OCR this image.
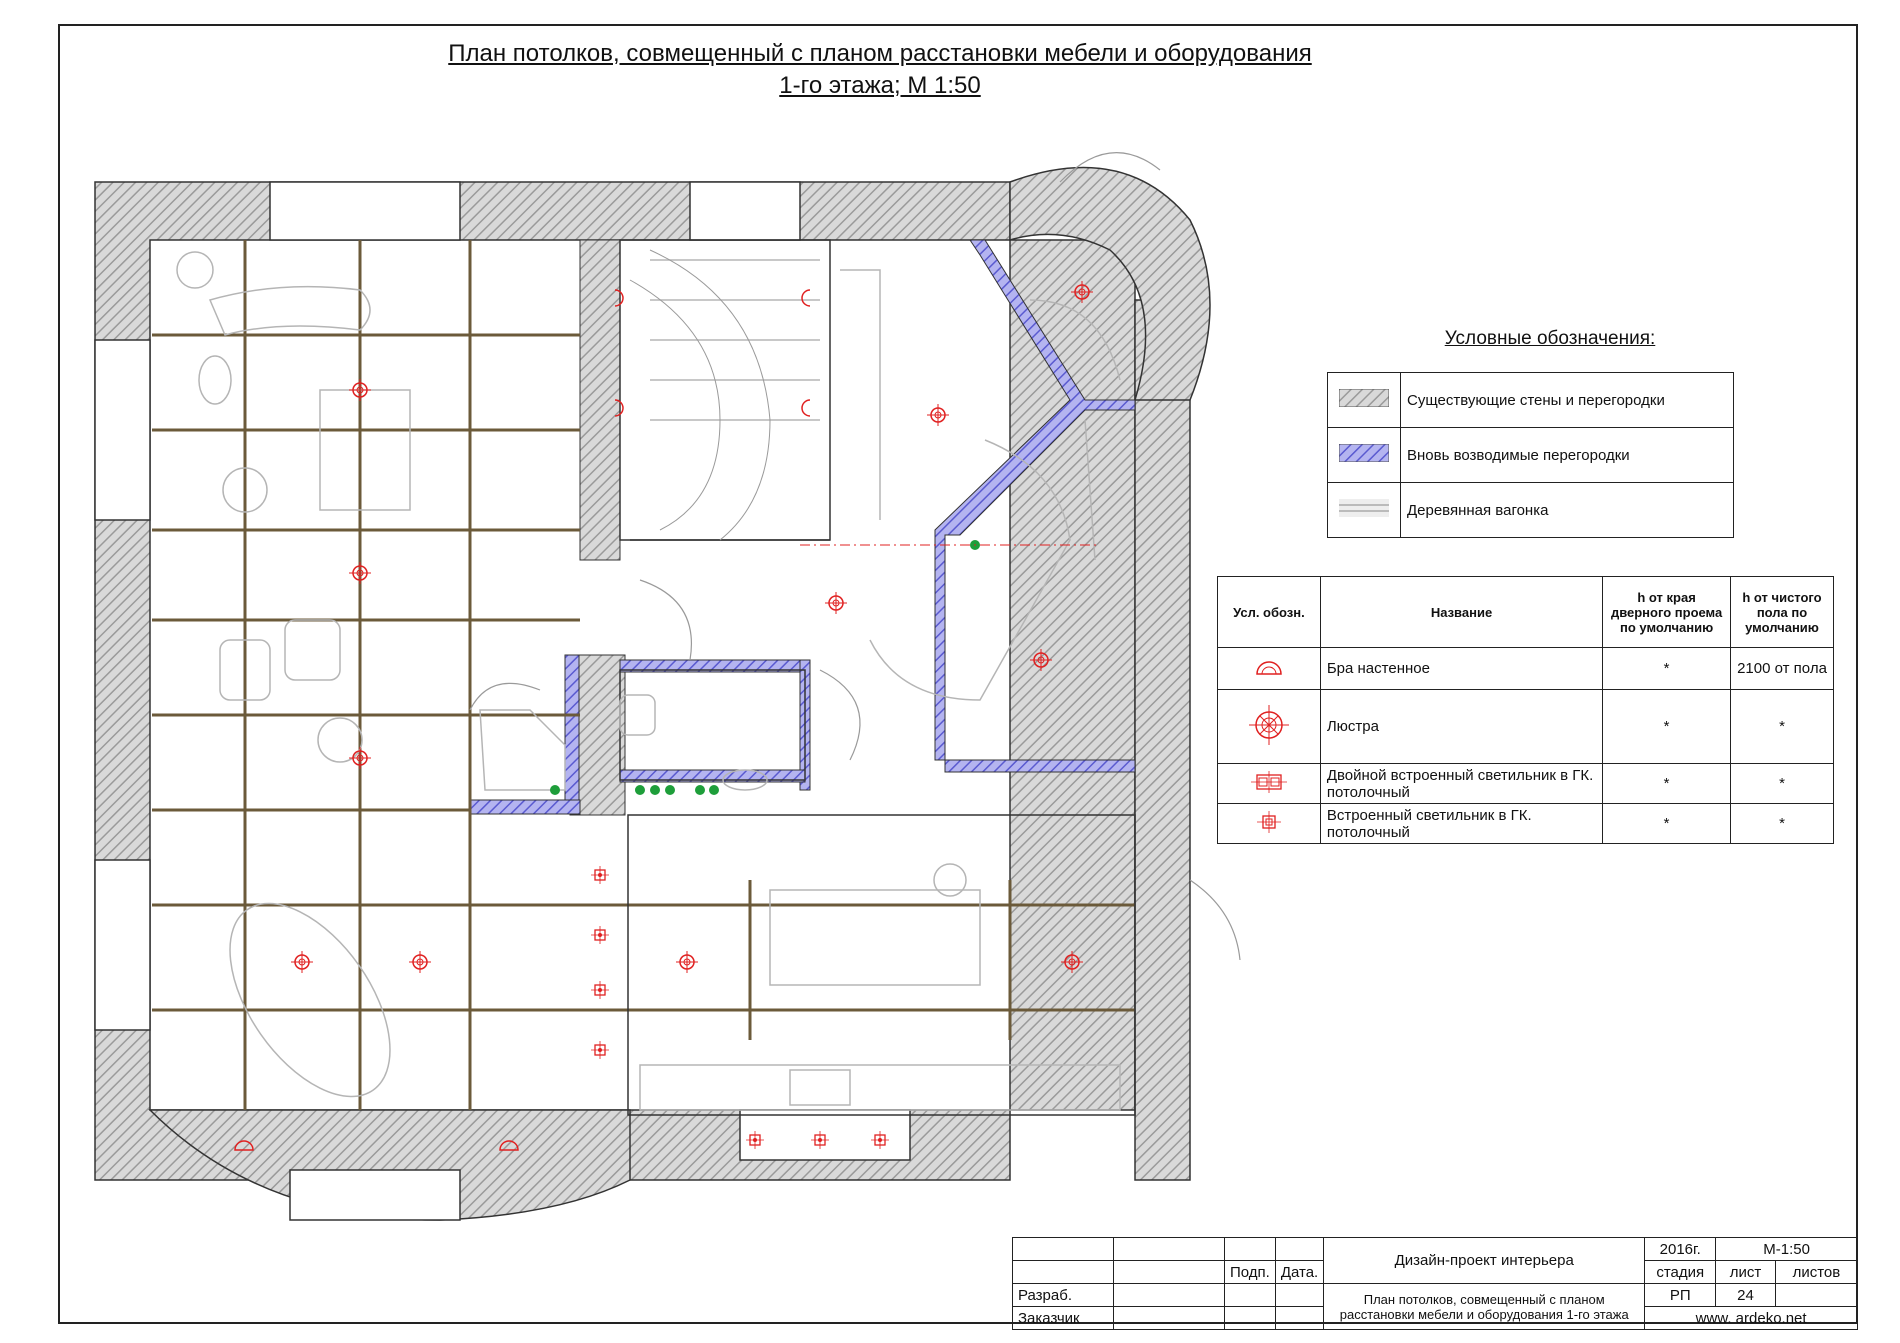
План потолков, совмещенный с планом расстановки мебели и оборудования
1-го этажа; М 1:50
Условные обозначения:
	Существующие стены и перегородки
	Вновь возводимые перегородки
	Деревянная вагонка
Усл. обозн.	Название	h от края дверного проема по умолчанию	h от чистого пола по умолчанию
	Бра настенное	*	2100 от пола
	Люстра	*	*
	Двойной встроенный светильник в ГК. потолочный	*	*
	Встроенный светильник в ГК. потолочный	*	*
				Дизайн-проект интерьера	2016г.	М-1:50	
		Подп.	Дата.		стадия	лист	листов
Разраб.				План потолков, совмещенный с планом расстановки мебели и оборудования 1-го этажа	РП	24	
Заказчик					www. ardeko.net		
